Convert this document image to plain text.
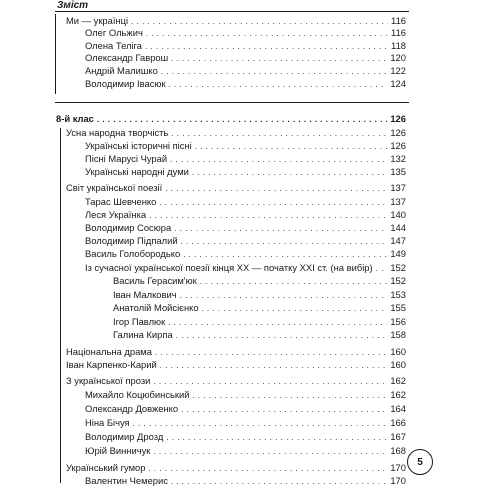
Зміст
Ми — українці . . .	116
Олег Ольжич . . .	116
Олена Теліга . . .	118
Олександр Гаврош . . .	120
Андрій Малишко . . .	122
Володимир Івасюк . . .	124
8-й клас . . .	126
Усна народна творчість . . .	126
Українські історичні пісні . . .	126
Пісні Марусі Чурай . . .	132
Українські народні думи . . .	135
Світ української поезії . . .	137
Тарас Шевченко . . .	137
Леся Українка . . .	140
Володимир Сосюра . . .	144
Володимир Підпалий . . .	147
Василь Голобородько . . .	149
Із сучасної української поезії кінця XX — початку XXI ст. (на вибір) . . . 152
Василь Герасим'юк . . .	152
Іван Малкович . . .	153
Анатолій Мойсієнко . . .	155
Ігор Павлюк . . .	156
Галина Кирпа . . .	158
Національна драма . . .	160
Іван Карпенко-Карий . . .	160
З української прози . . .	162
Михайло Коцюбинський . . .	162
Олександр Довженко . . .	164
Ніна Бічуя . . .	166
Володимир Дрозд . . .	167
Юрій Винничук . . .	168
Український гумор . . .	170
Валентин Чемерис . . .	170
5
